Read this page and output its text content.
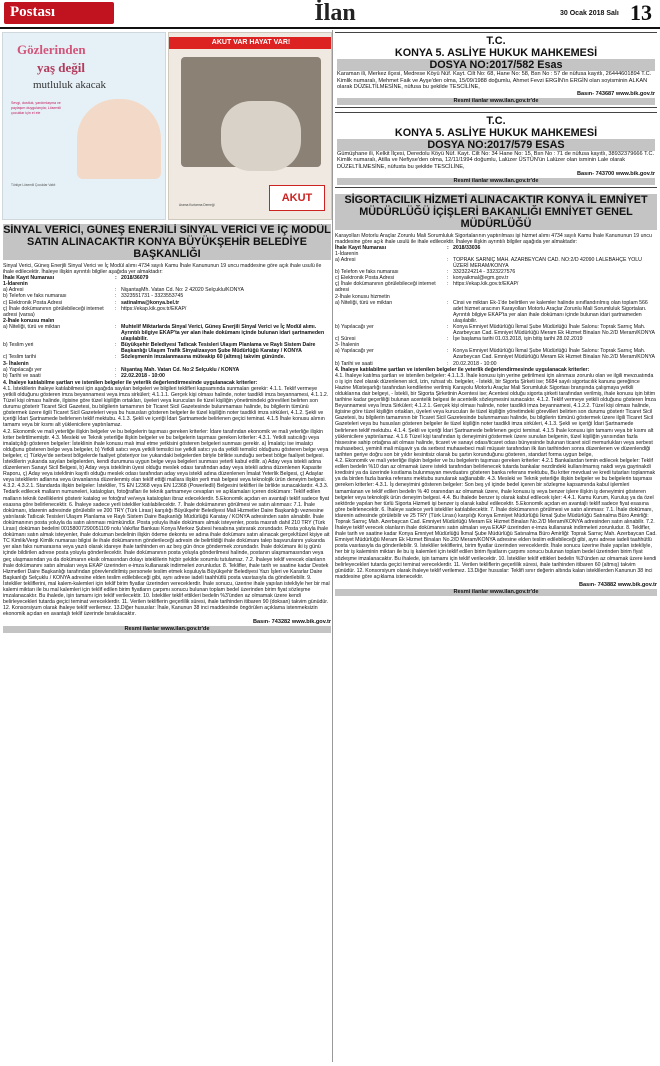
Postası	İlan	30 Ocak 2018 Salı 13
Gözlerinden
yaş değil
mutluluk akacak
Sevgi, dostluk, yardımlaşma ve paylaşım duygularıyla; Lösemili çocuklar için el ele
Türkiye Lösemili Çocuklar Vakfı
AKUT VAR HAYAT VAR!
Arama Kurtarma Derneği
AKUT
SİNYAL VERİCİ, GÜNEŞ ENERJİLİ SİNYAL VERİCİ VE İÇ MODÜL SATIN ALINACAKTIR KONYA BÜYÜKŞEHİR BELEDİYE BAŞKANLIĞI

Sinyal Verici, Güneş Enerjili Sinyal Verici ve İç Modül alımı 4734 sayılı Kamu İhale Kanununun 19 uncu maddesine göre açık ihale usulü ile ihale edilecektir. İhaleye ilişkin ayrıntılı bilgiler aşağıda yer almaktadır:

İhale Kayıt Numarası	: 2018/36079
1-İdarenin
a) Adresi	: NişantaşMh. Vatan Cd. No: 2 42020 Selçuklu/KONYA
b) Telefon ve faks numarası	: 3323551731 - 3323553745
c) Elektronik Posta Adresi	: satinalma@konya.bel.tr
ç) İhale dokümanının görülebileceği internet adresi (varsa)
: https://ekap.kik.gov.tr/EKAP/
2-İhale konusu malın
a) Niteliği, türü ve miktarı	: Muhtelif Miktarlarda Sinyal Verici, Güneş Enerjili Sinyal Verici ve İç Modül alımı. Ayrıntılı bilgiye EKAP'ta yer alan ihale dokümanı içinde bulunan idari şartnameden ulaşılabilir.
b) Teslim yeri	: Büyükşehir Belediyesi Tatlıcak Tesisleri Ulaşım Planlama ve Raylı Sistem Daire Başkanlığı Ulaşım Trafik Sinyalizasyon Şube Müdürlüğü Karatay / KONYA
c) Teslim tarihi	: Sözleşmenin imzalanmasına müteakip 60 (altmış) takvim gününde.
3- İhalenin
a) Yapılacağı yer	: Nişantaş Mah. Vatan Cd. No:2 Selçuklu / KONYA
b) Tarihi ve saati	: 22.02.2018 - 10:00
4. İhaleye katılabilme şartları ve istenilen belgeler ile yeterlik değerlendirmesinde uygulanacak kriterler:

4.1. İsteklilerin ihaleye katılabilmesi için aşağıda sayılan belgeleri ve bilgileri teklifleri kapsamında sunmaları gerekir: 4.1.1. Teklif vermeye yetkili olduğunu gösteren imza beyannamesi veya imza sirküleri; 4.1.1.1. Gerçek kişi olması halinde, noter tasdikli imza beyannamesi, 4.1.1.2. Tüzel kişi olması halinde, ilgisine göre tüzel kişiliğin ortakları, üyeleri veya kurucuları ile tüzel kişiliğin yönetimindeki görevlileri belirten son durumu gösterir Ticaret Sicil Gazetesi, bu bilgilerin tamamının bir Ticaret Sicil Gazetesinde bulunmaması halinde, bu bilgilerin tümünü göstermek üzere ilgili Ticaret Sicil Gazeteleri veya bu hususları gösteren belgeler ile tüzel kişiliğin noter tasdikli imza sirküleri, 4.1.2. Şekli ve içeriği İdari Şartnamede belirlenen teklif mektubu. 4.1.3. Şekli ve içeriği İdari Şartnamede belirlenen geçici teminat. 4.1.5 İhale konusu alımın tamamı veya bir kısmı alt yüklenicilere yaptırılamaz.

4.2. Ekonomik ve mali yeterliğe ilişkin belgeler ve bu belgelerin taşıması gereken kriterler: İdare tarafından ekonomik ve mali yeterliğe ilişkin kriter belirtilmemiştir. 4.3. Mesleki ve Teknik yeterliğe ilişkin belgeler ve bu belgelerin taşıması gereken kriterler: 4.3.1. Yetkili satıcılığı veya imalatçılığı gösteren belgeler: İsteklinin ihale konusu malı imal etme yetkisini gösteren belgeleri sunması gerekir. a) İmalatçı ise imalatçı olduğunu gösteren belge veya belgeler, b) Yetkili satıcı veya yetkili temsilci ise yetkili satıcı ya da yetkili temsilci olduğunu gösteren belge veya belgeler, c) Türkiye'de serbest bölgelerde faaliyet gösteriyor ise yukarıdaki belgelerden biriyle birlikte sunduğu serbest bölge faaliyet belgesi. İsteklilerin yukarıda sayılan belgelerden, kendi durumuna uygun belge veya belgeleri sunması yeterli kabul edilir. a) Aday veya istekli adına düzenlenen Sanayi Sicil Belgesi, b) Aday veya isteklinin üyesi olduğu meslek odası tarafından aday veya istekli adına düzenlenen Kapasite Raporu, ç) Aday veya isteklinin kayıtlı olduğu meslek odası tarafından aday veya istekli adına düzenlenen İmalat Yeterlik Belgesi, ç) Adaylar veya isteklilerin adlarına veya ünvanlarına düzenlenmiş olan teklif ettiği mallara ilişkin yerli malı belgesi veya teknolojik ürün deneyim belgesi. 4.3.2. 4.3.2.1. Standarda ilişkin belgeler: İstekliler, TS EN 12368 veya EN 12368 (Powerledli) Belgesini teklifleri ile birlikte sunacaklardır. 4.3.3. Tedarik edilecek malların numuneleri, katalogları, fotoğrafları ile teknik şartnameye cevapları ve açıklamaları içeren dokümanı: Teklif edilen malların teknik özelliklerini gösterir katalog ve fotoğraf ve/veya katalogları ibraz edeceklerdir. 5.Ekonomik açıdan en avantajlı teklif sadece fiyat esasına göre belirlenecektir. 6. İhaleye sadece yerli istekliler katılabilecektir. 7. İhale dokümanının görülmesi ve satın alınması: 7.1. İhale dokümanı, idarenin adresinde görülebilir ve 200 TRY (Türk Lirası) karşılığı Büyükşehir Belediyesi Mali Hizmetler Daire Başkanlığı veznesine yatırılarak Tatlıcak Tesisleri Ulaşım Planlama ve Raylı Sistem Daire Başkanlığı Müdürlüğü Karatay / KONYA adresinden satın alınabilir. İhale dokümanının posta yoluyla da satın alınması mümkündür. Posta yoluyla ihale dokümanı almak isteyenler, posta masrafı dahil 210 TRY (Türk Lirası) doküman bedelini 00158007290051109 nolu Vakıflar Bankası Konya Merkez Şubesi hesabına yatırarak zorundadır. Posta yoluyla ihale dokümanı satın almak isteyenler, ihale dokuman bedelinin ilişkin ödeme dekontu ve adına ihale dokümanı satın alınacak gerçek/tüzel kişiye ait TC Kimlik/Vergi Kimlik numarası bilgisi ile ihale dokümanının gönderileceği adresin de belirtildiği ihale dokümanı talep başvurularını yukarıda yer alan faks numarasına veya yazılı olarak idareye ihale tarihinden en az beş gün önce göndermek zorundadır. İhale dokümanı iki iş günü içinde bildirilen adrese posta yoluyla gönderilecektir. İhale dokümanının posta yoluyla gönderilmesi halinde, postanın ulaşmamasından veya geç ulaşmasından ya da dokümanın eksik olmasından dolayı isteklilerin hiçbir şekilde sorumlu tutulamaz. 7.2. İhaleye teklif verecek olanların ihale dokümanını satın almaları veya EKAP üzerinden e-imza kullanarak indirmeleri zorunludur. 8. Teklifler, ihale tarih ve saatine kadar Destek Hizmetleri Daire Başkanlığı tarafından görevlendirilmiş personele teslim etmek koşuluyla Büyükşehir Belediyesi Yazı İşleri ve Kararlar Daire Başkanlığı Selçuklu / KONYA adresine elden teslim edilebileceği gibi, aynı adrese iadeli taahhütlü posta vasıtasıyla da gönderilebilir. 9. İstekliler tekliflerini, mal kalem-kalemleri için teklif birim fiyatlar üzerinden vereceklerdir. İhale sonucu, üzerine ihale yapılan istekliyle her bir mal kalemi miktarı ile bu mal kalemleri için teklif edilen birim fiyatların çarpımı sonucu bulunan toplam bedel üzerinden birim fiyat sözleşme imzalanacaktır. Bu ihalede, işin tamamı için teklif verilecektir. 10. İstekliler teklif ettikleri bedelin %3'ünden az olmamak üzere kendi belirleyecekleri tutarda geçici teminat vereceklerdir. 11. Verilen tekliflerin geçerlilik süresi, ihale tarihinden itibaren 90 (doksan) takvim günüdür. 12. Konsorsiyum olarak ihaleye teklif verilemez. 13.Diğer hususlar: İhale, Kanunun 38 inci maddesinde öngörülen açıklama istenmeksizin ekonomik açıdan en avantajlı teklif üzerinde bırakılacaktır.

Basın- 743282 www.bik.gov.tr
Resmi ilanlar www.ilan.gov.tr'de
T.C.
KONYA 5. ASLİYE HUKUK MAHKEMESİ
DOSYA NO:2017/582 Esas

Karaman ili, Merkez ilçesi, Medrese Köyü Nüf. Kayt. Cilt No: 68, Hane No: 58, Bsn No : 57 de nüfusa kayıtlı, 26444601894 T.C. Kimlik numaralı, Mehmet Faik ve Ayşe'den olma, 15/09/1988 doğumlu, Ahmet Fevzi ERGİN'in ERGİN olan soyisminin ALKAN olarak DÜZELTİLMESİNE, nüfusa bu şekilde TESCİLİNE,

Basın- 743687 www.bik.gov.tr
Resmi ilanlar www.ilan.gov.tr'de
T.C.
KONYA 5. ASLİYE HUKUK MAHKEMESİ
DOSYA NO:2017/579 ESAS

Gümüşhane ili, Kelkit İlçesi, Deredolu Köyü Nüf. Kayt. Cilt No: 34 Hane No: 15, Bsn No : 71 de nüfusa kayıtlı, 38932379666 T.C. Kimlik numaralı, Atilla ve Nefiyse'den olma, 12/11/1994 doğumlu, Lalüzer ÜSTÜN'ün Lalüzer olan isminin Lale olarak DÜZELTİLMESİNE, nüfusta bu şekilde TESCİLİNE,

Basın- 743700 www.bik.gov.tr
Resmi ilanlar www.ilan.gov.tr'de
SİGORTACILIK HİZMETİ ALINACAKTIR KONYA İL EMNİYET MÜDÜRLÜĞÜ İÇİŞLERİ BAKANLIĞI EMNİYET GENEL MÜDÜRLÜĞÜ

Karayolları Motorlu Araçlar Zorunlu Mali Sorumluluk Sigortalarının yaptırılması işi hizmet alımı 4734 sayılı Kamu İhale Kanununun 19 uncu maddesine göre açık ihale usulü ile ihale edilecektir. İhaleye ilişkin ayrıntılı bilgiler aşağıda yer almaktadır:

İhale Kayıt Numarası	: 2018/33036
1-İdarenin
a) Adresi	: TOPRAK SARNIÇ MAH. AZARBEYCAN CAD. NO:2/D 42090 LALEBAHÇE YOLU ÜZERİ MERAM/KONYA
b) Telefon ve faks numarası	: 3323224214 - 3323227576
c) Elektronik Posta Adresi	: konyaikmal@egm.gov.tr
ç) İhale dokümanının görülebileceği internet adresi
: https://ekap.kik.gov.tr/EKAP/
2-İhale konusu hizmetin
a) Niteliği, türü ve miktarı	: Cinsi ve miktarı Ek-1'de belirtilen ve kalemler halinde sınıflandırılmış olan toplam 566 adet hizmet aracının Karayolları Motorlu Araçlar Zorunlu Mali Sorumluluk Sigortaları. Ayrıntılı bilgiye EKAP'ta yer alan ihale dokümanı içinde bulunan idari şartnameden ulaşılabilir.
b) Yapılacağı yer	: Konya Emniyet Müdürlüğü İkmal Şube Müdürlüğü İhale Salonu: Toprak Sarnıç Mah. Azarbeycan Cad. Emniyet Müdürlüğü Meram Ek Hizmet Binaları No.2/D Meram/KONYA
c) Süresi	: İşe başlama tarihi 01.03.2018, işin bitiş tarihi 28.02.2019
3- İhalenin
a) Yapılacağı yer	: Konya Emniyet Müdürlüğü İkmal Şube Müdürlüğü İhale Salonu: Toprak Sarnıç Mah. Azarbeycan Cad. Emniyet Müdürlüğü Meram Ek Hizmet Binaları No.2/D Meram/KONYA
b) Tarihi ve saati	: 20.02.2018 - 10:00
4. İhaleye katılabilme şartları ve istenilen belgeler ile yeterlik değerlendirmesinde uygulanacak kriterler:

4.1. İhaleye katılma şartları ve istenilen belgeler: 4.1.1.3. İhale konusu işin yerine getirilmesi için alınması zorunlu olan ve ilgili mevzuatında o iş için özel olarak düzenlenen sicil, izin, ruhsat vb. belgeler, - İstekli, bir Sigorta Şirketi ise; 5684 sayılı sigortacılık kanunu gereğince Hazine Müsteşarlığı tarafından kendilerine verilmiş Karayolu Motorlu Araçlar Mali Sorumluluk Sigortası branşında çalışmaya yetkili olduklarına dair belgeyi, - İstekli, bir Sigorta Şirketinin Acentesi ise; Acentesi olduğu sigorta şirketi tarafından verilmiş, ihale konusu işin bitim tarihine kadar geçerliliği bulunan acentelik belgesi ile acentelik sözleşmesini sunacaktır. 4.1.2. Teklif vermeye yetkili olduğunu gösteren İmza Beyannamesi veya İmza Sirküleri; 4.1.2.1. Gerçek kişi olması halinde, noter tasdikli imza beyannamesi, 4.1.2.2. Tüzel kişi olması halinde, ilgisine göre tüzel kişiliğin ortakları, üyeleri veya kurucuları ile tüzel kişiliğin yönetimdeki görevlileri belirten son durumu gösterir Ticaret Sicil Gazetesi, bu bilgilerin tamamının bir Ticaret Sicil Gazetesinde bulunmaması halinde, bu bilgilerin tümünü göstermek üzere ilgili Ticaret Sicil Gazeteleri veya bu hususları gösteren belgeler ile tüzel kişiliğin noter tasdikli imza sirküleri, 4.1.3. Şekli ve içeriği İdari Şartnamede belirlenen teklif mektubu. 4.1.4. Şekli ve içeriği İdari Şartnamede belirlenen geçici teminat. 4.1.5 İhale konusu işin tamamı veya bir kısmı alt yüklenicilere yaptırılamaz. 4.1.6 Tüzel kişi tarafından iş deneyimini göstermek üzere sunulan belgenin, tüzel kişiliğin yarısından fazla hissesine sahip ortağına ait olması halinde, ticaret ve sanayi odası/ticaret odası bünyesinde bulunan ticaret sicil memurlukları veya serbest muhasebeci, yeminli mali müşavir ya da serbest muhasebeci mali müşavir tarafından ilk ilan tarihinden sonra düzenlenen ve düzenlendiği tarihten geriye doğru son bir yıldır kesintisiz olarak bu şartın korunduğunu gösteren, standart forma uygun belge,

4.2. Ekonomik ve mali yeterliğe ilişkin belgeler ve bu belgelerin taşıması gereken kriterler: 4.2.1 Bankalardan temin edilecek belgeler: Teklif edilen bedelin %10 dan az olmamak üzere istekli tarafından belirlenecek tutarda bankalar nezdindeki kullanılmamış nakdi veya gayrinakdi kredisini ya da üzerinde kısıtlama bulunmayan mevduatını gösteren banka referans mektubu, Bu kriter mevduat ve kredi tutarları toplanmak ya da birden fazla banka referans mektubu sunularak sağlanabilir. 4.3. Mesleki ve Teknik yeterliğe ilişkin belgeler ve bu belgelerin taşıması gereken kriterler: 4.3.1. İş deneyimini gösteren belgeler: Son beş yıl içinde bedel içeren bir sözleşme kapsamında kabul işlemleri tamamlanan ve teklif edilen bedelin % 40 oranından az olmamak üzere, ihale konusu iş veya benzer işlere ilişkin iş deneyimini gösteren belgeler veya teknolojik ürün deneyim belgesi. 4.4. Bu ihalede benzer iş olarak kabul edilecek işler: 4.4.1. Kamu Kurum, Kuruluş ya da özel sektörde yapılan her türlü Sigorta Hizmeti işi benzer iş olarak kabul edilecektir. 5.Ekonomik açıdan en avantajlı teklif sadece fiyat esasına göre belirlenecektir. 6. İhaleye sadece yerli istekliler katılabilecektir. 7. İhale dokümanının görülmesi ve satın alınması: 7.1. İhale dokümanı, idarenin adresinde görülebilir ve 25 TRY (Türk Lirası) karşılığı Konya Emniyet Müdürlüğü İkmal Şube Müdürlüğü Satınalma Büro Amirliği: Toprak Sarnıç Mah. Azerbaycan Cad. Emniyet Müdürlüğü Meram Ek Hizmet Binaları No.2/D Meram/KONYA adresinden satın alınabilir. 7.2. İhaleye teklif verecek olanların ihale dokümanını satın almaları veya EKAP üzerinden e-imza kullanarak indirmeleri zorunludur. 8. Teklifler, ihale tarih ve saatine kadar Konya Emniyet Müdürlüğü İkmal Şube Müdürlüğü Satınalma Büro Amirliği: Toprak Sarnıç Mah. Azerbaycan Cad. Emniyet Müdürlüğü Meram Ek Hizmet Binaları No.2/D Meram/KONYA adresine elden teslim edilebileceği gibi, aynı adrese iadeli taahhütlü posta vasıtasıyla da gönderilebilir. 9. İstekliler tekliflerini, birim fiyatlar üzerinden vereceklerdir. İhale sonucu üzerine ihale yapılan istekliyle, her bir iş kaleminin miktarı ile bu iş kalemleri için teklif edilen birim fiyatların çarpımı sonucu bulunan toplam bedel üzerinden birim fiyat sözleşme imzalanacaktır. Bu ihalede, işin tamamı için teklif verilecektir. 10. İstekliler teklif ettikleri bedelin %3'ünden az olmamak üzere kendi belirleyecekleri tutarda geçici teminat vereceklerdir. 11. Verilen tekliflerin geçerlilik süresi, ihale tarihinden itibaren 60 (altmış) takvim günüdür. 12. Konsorsiyum olarak ihaleye teklif verilemez. 13.Diğer hususlar: Teklifi sınır değerin altında kalan isteklilerden Kanunun 38 inci maddesine göre açıklama istenecektir.

Basın- 743882 www.bik.gov.tr
Resmi ilanlar www.ilan.gov.tr'de
